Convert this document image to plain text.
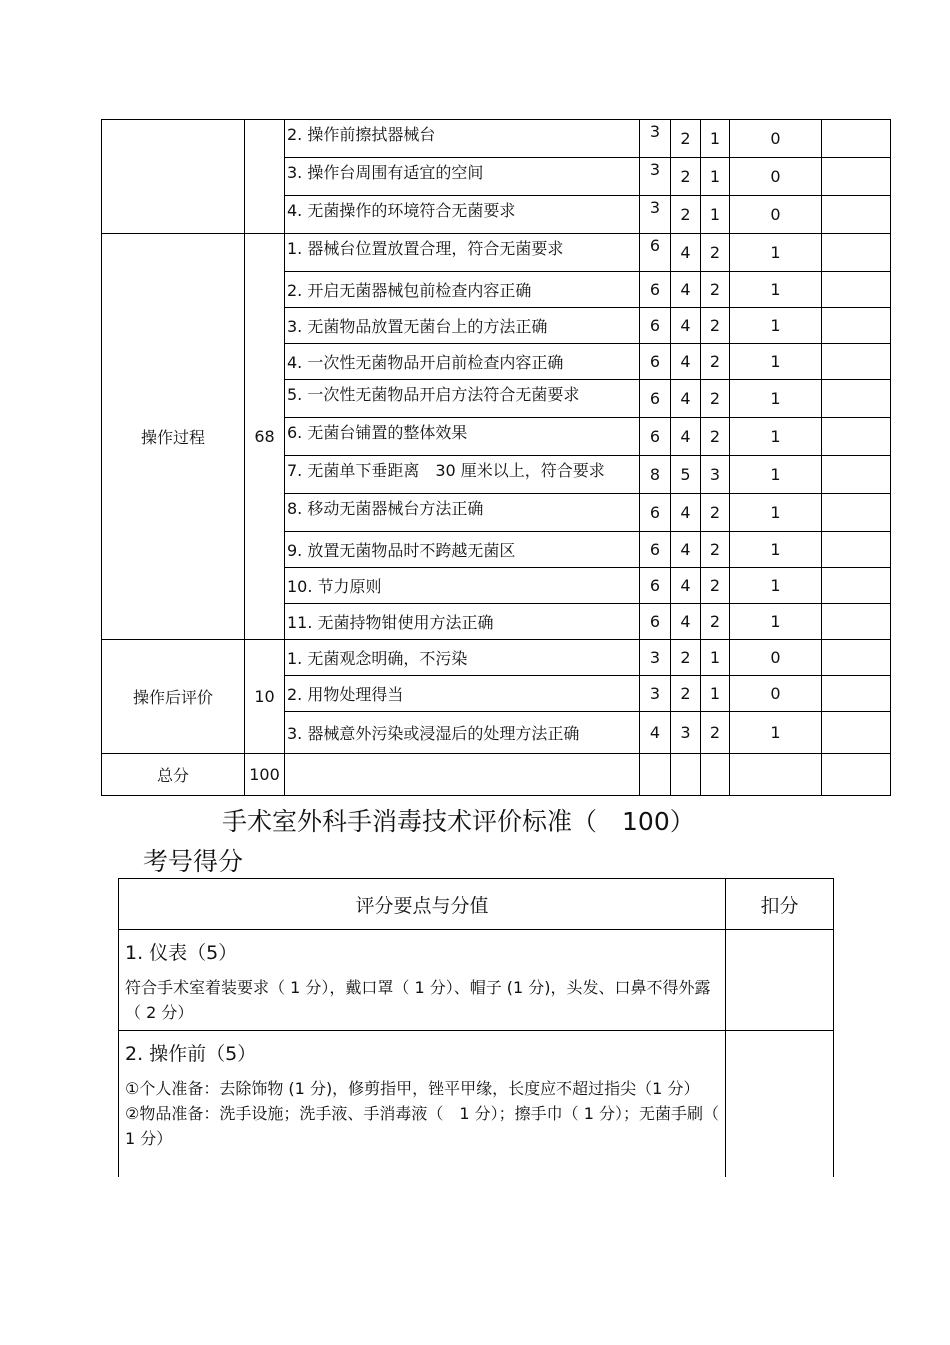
		2. 操作前擦拭器械台	3	2	1	0	
		3. 操作台周围有适宜的空间	3	2	1	0	
		4. 无菌操作的环境符合无菌要求	3	2	1	0	
操作过程	68	1. 器械台位置放置合理，符合无菌要求	6	4	2	1	
		2. 开启无菌器械包前检查内容正确	6	4	2	1	
		3. 无菌物品放置无菌台上的方法正确	6	4	2	1	
		4. 一次性无菌物品开启前检查内容正确	6	4	2	1	
		5. 一次性无菌物品开启方法符合无菌要求	6	4	2	1	
		6. 无菌台铺置的整体效果	6	4	2	1	
		7. 无菌单下垂距离　30 厘米以上，符合要求	8	5	3	1	
		8. 移动无菌器械台方法正确	6	4	2	1	
		9. 放置无菌物品时不跨越无菌区	6	4	2	1	
		10. 节力原则	6	4	2	1	
		11. 无菌持物钳使用方法正确	6	4	2	1	
操作后评价	10	1. 无菌观念明确，不污染	3	2	1	0	
		2. 用物处理得当	3	2	1	0	
		3. 器械意外污染或浸湿后的处理方法正确	4	3	2	1	
总分	100						
手术室外科手消毒技术评价标准（　100）
考号得分
评分要点与分值	扣分

1. 仪表（5）
符合手术室着装要求（ 1 分），戴口罩（ 1 分）、帽子 (1 分)，头发、口鼻不得外露（ 2 分）	

2. 操作前（5）
①个人准备：去除饰物 (1 分)，修剪指甲，锉平甲缘，长度应不超过指尖（1 分）
②物品准备：洗手设施；洗手液、手消毒液（　1 分）；擦手巾（ 1 分）；无菌手刷（ 1 分）	
